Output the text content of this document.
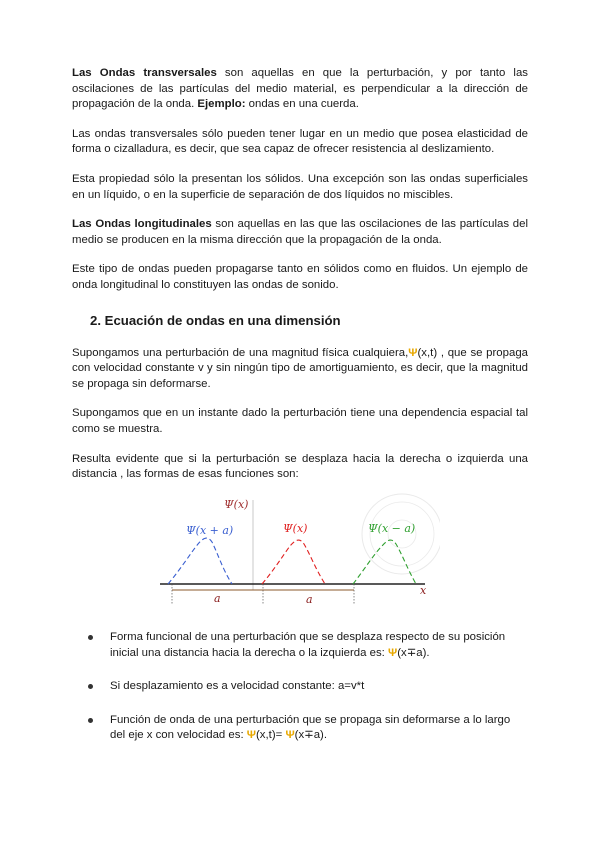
Las Ondas transversales son aquellas en que la perturbación, y por tanto las oscilaciones de las partículas del medio material, es perpendicular a la dirección de propagación de la onda. Ejemplo: ondas en una cuerda.

Las ondas transversales sólo pueden tener lugar en un medio que posea elasticidad de forma o cizalladura, es decir, que sea capaz de ofrecer resistencia al deslizamiento.

Esta propiedad sólo la presentan los sólidos. Una excepción son las ondas superficiales en un líquido, o en la superficie de separación de dos líquidos no miscibles.

Las Ondas longitudinales son aquellas en las que las oscilaciones de las partículas del medio se producen en la misma dirección que la propagación de la onda.

Este tipo de ondas pueden propagarse tanto en sólidos como en fluidos. Un ejemplo de onda longitudinal lo constituyen las ondas de sonido.

2. Ecuación de ondas en una dimensión

Supongamos una perturbación de una magnitud física cualquiera,Ψ(x,t) , que se propaga con velocidad constante v y sin ningún tipo de amortiguamiento, es decir, que la magnitud se propaga sin deformarse.

Supongamos que en un instante dado la perturbación tiene una dependencia espacial tal como se muestra.

Resulta evidente que si la perturbación se desplaza hacia la derecha o izquierda una distancia , las formas de esas funciones son:

Ψ(x)
Ψ(x + a)	Ψ(x)	Ψ(x − a)
x
a	a
Forma funcional de una perturbación que se desplaza respecto de su posición inicial una distancia hacia la derecha o la izquierda es: Ψ(x∓a).
Si desplazamiento es a velocidad constante: a=v*t
Función de onda de una perturbación que se propaga sin deformarse a lo largo del eje x con velocidad es: Ψ(x,t)= Ψ(x∓a).
